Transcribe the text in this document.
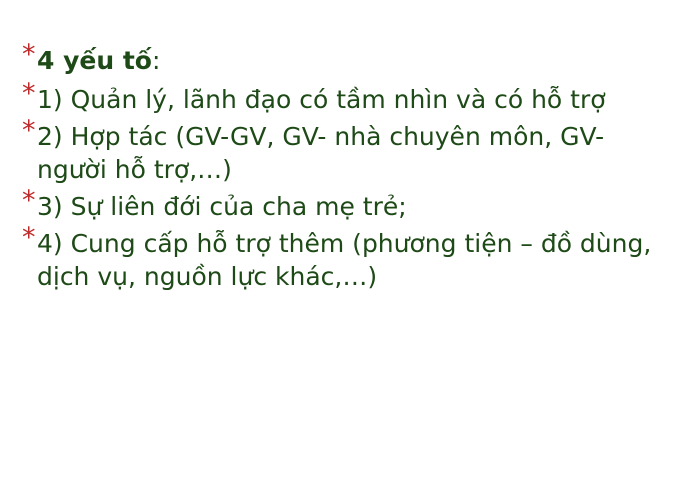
* 4 yếu tố:
* 1) Quản lý, lãnh đạo có tầm nhìn và có hỗ trợ
* 2) Hợp tác (GV-GV, GV- nhà chuyên môn, GV-người hỗ trợ,…)
* 3) Sự liên đới của cha mẹ trẻ;
* 4) Cung cấp hỗ trợ thêm (phương tiện – đồ dùng, dịch vụ, nguồn lực khác,…)
